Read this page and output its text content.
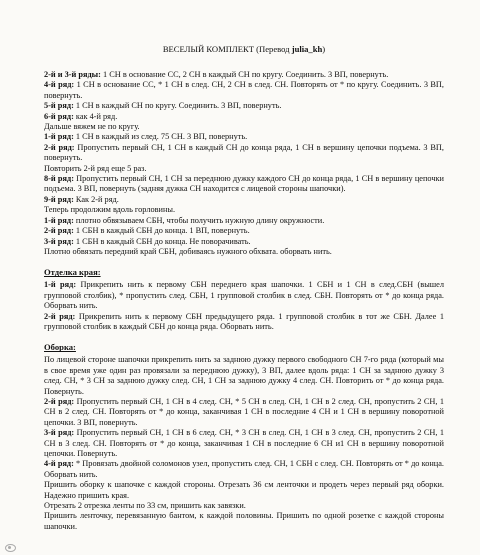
ВЕСЕЛЫЙ КОМПЛЕКТ (Перевод julia_kh)

2-й и 3-й ряды: 1 СН в основание СС, 2 СН в каждый СН по кругу. Соединить. 3 ВП, повернуть.

4-й ряд: 1 СН в основание СС, * 1 СН в след. СН, 2 СН в след. СН. Повторять от * по кругу. Соединить. 3 ВП, повернуть.

5-й ряд: 1 СН в каждый СН по кругу. Соединить. 3 ВП, повернуть.

6-й ряд: как 4-й ряд.

Дальше вяжем не по кругу.

1-й ряд: 1 СН в каждый из след. 75 СН. 3 ВП, повернуть.

2-й ряд: Пропустить первый СН, 1 СН в каждый СН до конца ряда, 1 СН в вершину цепочки подъема. 3 ВП, повернуть.

Повторить 2-й ряд еще 5 раз.

8-й ряд: Пропустить первый СН, 1 СН за переднюю дужку каждого СН до конца ряда, 1 СН в вершину цепочки подъема. 3 ВП, повернуть (задняя дужка СН находится с лицевой стороны шапочки).

9-й ряд: Как 2-й ряд.

Теперь продолжим вдоль горловины.

1-й ряд: плотно обвязываем СБН, чтобы получить нужную длину окружности.

2-й ряд: 1 СБН в каждый СБН до конца. 1 ВП, повернуть.

3-й ряд: 1 СБН в каждый СБН до конца. Не поворачивать.

Плотно обвязать передний край СБН, добиваясь нужного обхвата. оборвать нить.

Отделка края:

1-й ряд: Прикрепить нить к первому СБН переднего края шапочки. 1 СБН и 1 СН в след.СБН (вышел групповой столбик), * пропустить след. СБН, 1 групповой столбик в след. СБН. Повторять от * до конца ряда. Оборвать нить.

2-й ряд: Прикрепить нить к первому СБН предыдущего ряда. 1 групповой столбик в тот же СБН. Далее 1 групповой столбик в каждый СБН до конца ряда. Оборвать нить.

Оборка:

По лицевой стороне шапочки прикрепить нить за заднюю дужку первого свободного СН 7-го ряда (который мы в свое время уже один раз провязали за переднюю дужку), 3 ВП, далее вдоль ряда: 1 СН за заднюю дужку 3 след. СН, * 3 СН за заднюю дужку след. СН, 1 СН за заднюю дужку 4 след. СН. Повторить от * до конца ряда. Повернуть.

2-й ряд: Пропустить первый СН, 1 СН в 4 след. СН, * 5 СН в след. СН, 1 СН в 2 след. СН, пропустить 2 СН, 1 СН в 2 след. СН. Повторять от * до конца, заканчивая 1 СН в последние 4 СН и 1 СН в вершину поворотной цепочки. 3 ВП, повернуть.

3-й ряд: Пропустить первый СН, 1 СН в 6 след. СН, * 3 СН в след. СН, 1 СН в 3 след. СН, пропустить 2 СН, 1 СН в 3 след. СН. Повторять от * до конца, заканчивая 1 СН в последние 6 СН и1 СН в вершину поворотной цепочки. Повернуть.

4-й ряд: * Провязать двойной соломонов узел, пропустить след. СН, 1 СБН с след. СН. Повторять от * до конца. Оборвать нить.

Пришить оборку к шапочке с каждой стороны. Отрезать 36 см ленточки и продеть через первый ряд оборки. Надежно пришить края.

Отрезать 2 отрезка ленты по 33 см, пришить как завязки.

Пришить ленточку, перевязанную бантом, к каждой половины. Пришить по одной розетке с каждой стороны шапочки.
